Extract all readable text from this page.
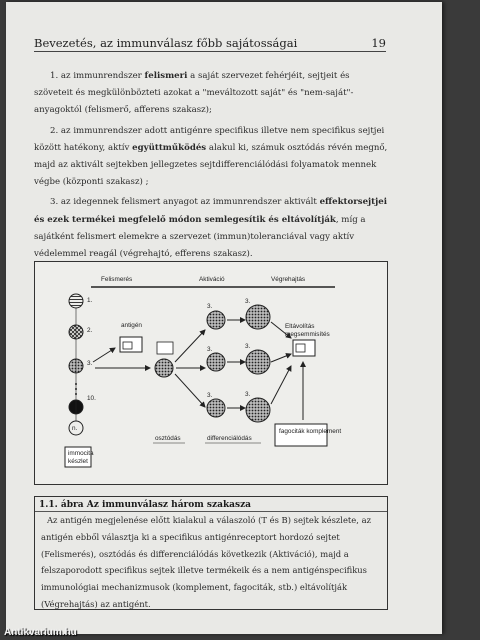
Bevezetés, az immunválasz főbb sajátosságai	19

1. az immunrendszer felismeri a saját szervezet fehérjéit, sejtjeit és szöveteit és megkülönbözteti azokat a "meváltozott saját" és "nem-saját"- anyagoktól (felismerő, afferens szakasz);

2. az immunrendszer adott antigénre specifikus illetve nem specifikus sejtjei között hatékony, aktív együttműködés alakul ki, számuk osztódás révén megnő, majd az aktivált sejtekben jellegzetes sejtdifferenciálódási folyamatok mennek végbe (központi szakasz) ;

3. az idegennek felismert anyagot az immunrendszer aktivált effektorsejtjei és ezek termékei megfelelő módon semlegesítik és eltávolítják, míg a sajátként felismert elemekre a szervezet (immun)toleranciával vagy aktív védelemmel reagál (végrehajtó, efferens szakasz).

Felismerés	Aktiváció	Végrehajtás
1.
2.
3.
10.
n.
immocita készlet
antigén
3.
3.
3.
3.
3.
3.
Eltávolítás megsemmisítés
fagociták komplement
osztódás	differenciálódás
1.1. ábra Az immunválasz három szakasza
Az antigén megjelenése előtt kialakul a válaszoló (T és B) sejtek készlete, az antigén ebből választja ki a specifikus antigénreceptort hordozó sejtet (Felismerés), osztódás és differenciálódás következik (Aktiváció), majd a felszaporodott specifikus sejtek illetve termékeik és a nem antigénspecifikus immunológiai mechanizmusok (komplement, fagociták, stb.) eltávolítják (Végrehajtás) az antigént.
Antikvarium.hu
